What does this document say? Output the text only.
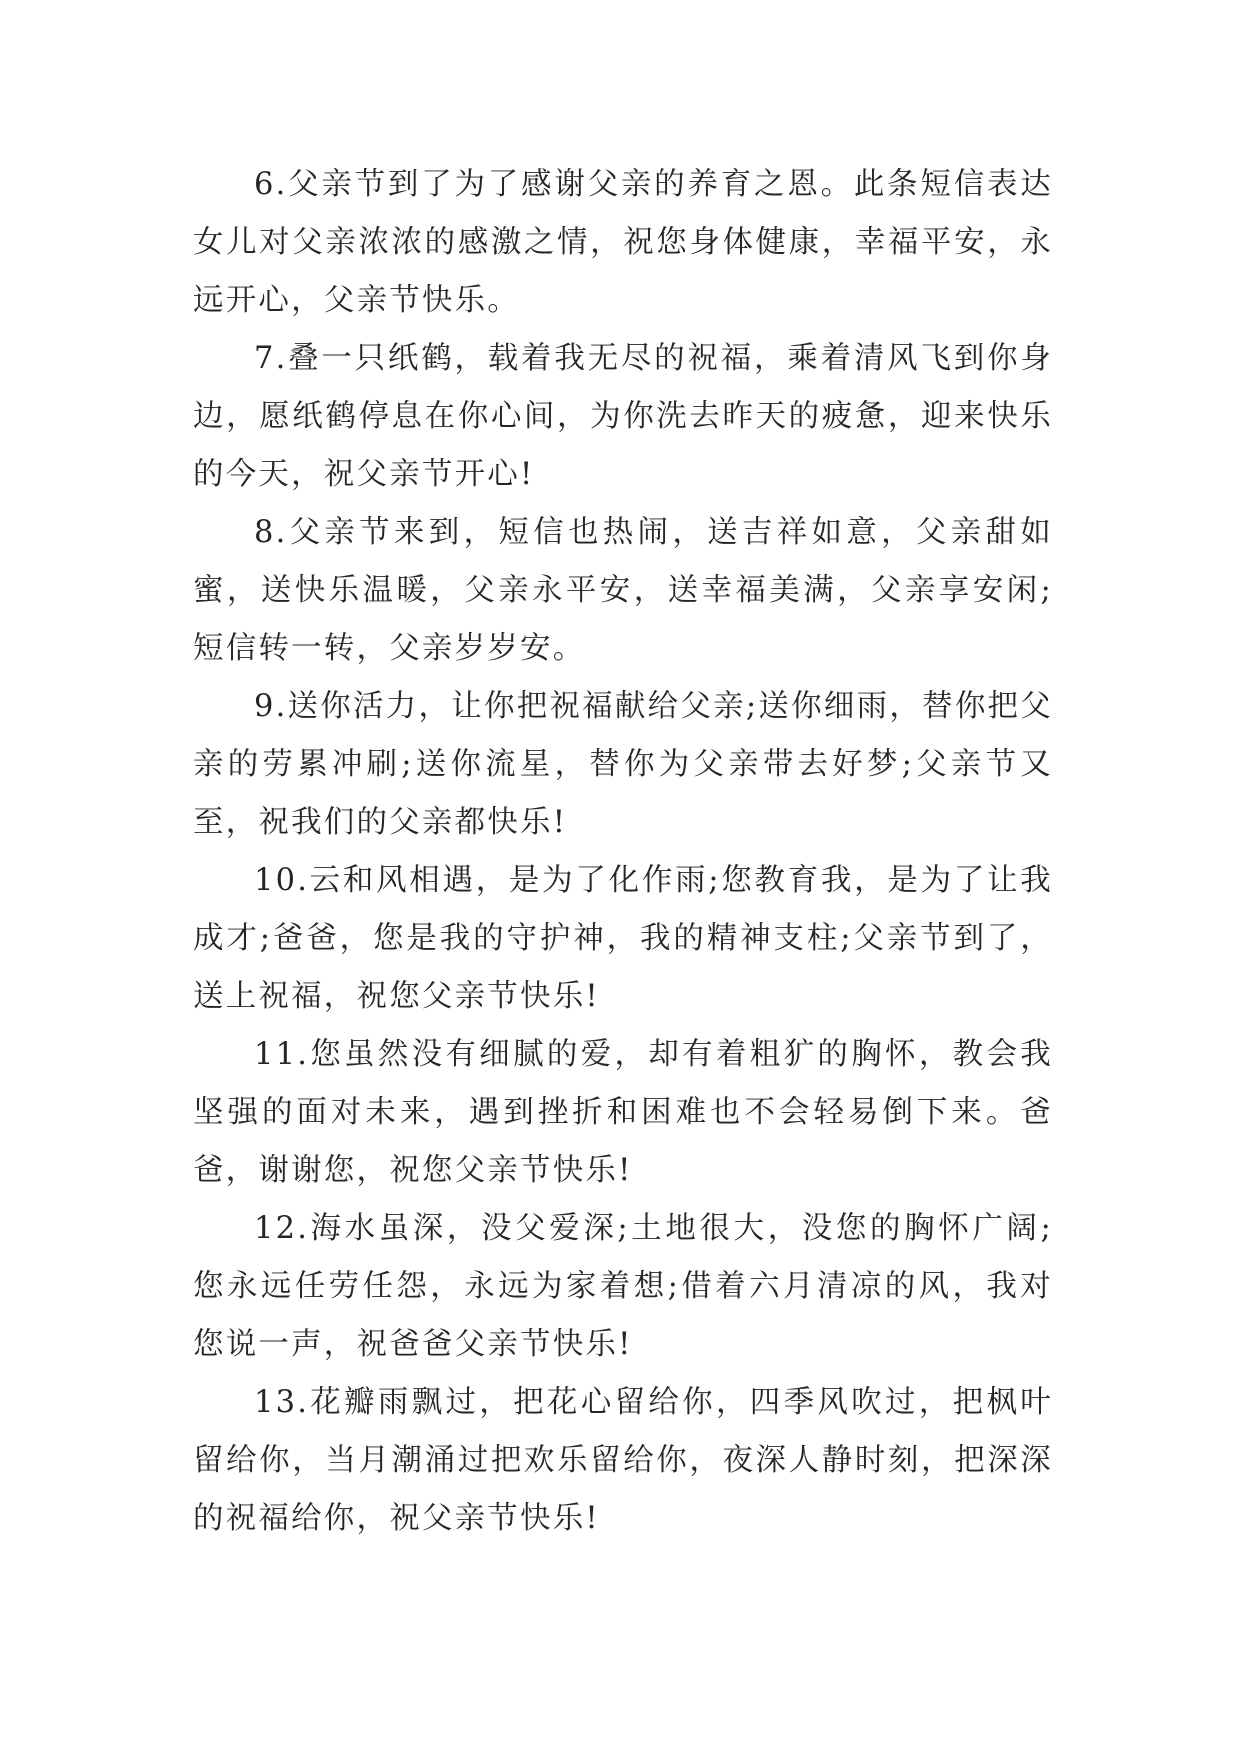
6.父亲节到了为了感谢父亲的养育之恩。此条短信表达女儿对父亲浓浓的感激之情，祝您身体健康，幸福平安，永远开心，父亲节快乐。

7.叠一只纸鹤，载着我无尽的祝福，乘着清风飞到你身边，愿纸鹤停息在你心间，为你洗去昨天的疲惫，迎来快乐的今天，祝父亲节开心!

8.父亲节来到，短信也热闹，送吉祥如意，父亲甜如蜜，送快乐温暖，父亲永平安，送幸福美满，父亲享安闲;短信转一转，父亲岁岁安。

9.送你活力，让你把祝福献给父亲;送你细雨，替你把父亲的劳累冲刷;送你流星，替你为父亲带去好梦;父亲节又至，祝我们的父亲都快乐!

10.云和风相遇，是为了化作雨;您教育我，是为了让我成才;爸爸，您是我的守护神，我的精神支柱;父亲节到了，送上祝福，祝您父亲节快乐!

11.您虽然没有细腻的爱，却有着粗犷的胸怀，教会我坚强的面对未来，遇到挫折和困难也不会轻易倒下来。爸爸，谢谢您，祝您父亲节快乐!

12.海水虽深，没父爱深;土地很大，没您的胸怀广阔;您永远任劳任怨，永远为家着想;借着六月清凉的风，我对您说一声，祝爸爸父亲节快乐!

13.花瓣雨飘过，把花心留给你，四季风吹过，把枫叶留给你，当月潮涌过把欢乐留给你，夜深人静时刻，把深深的祝福给你，祝父亲节快乐!
